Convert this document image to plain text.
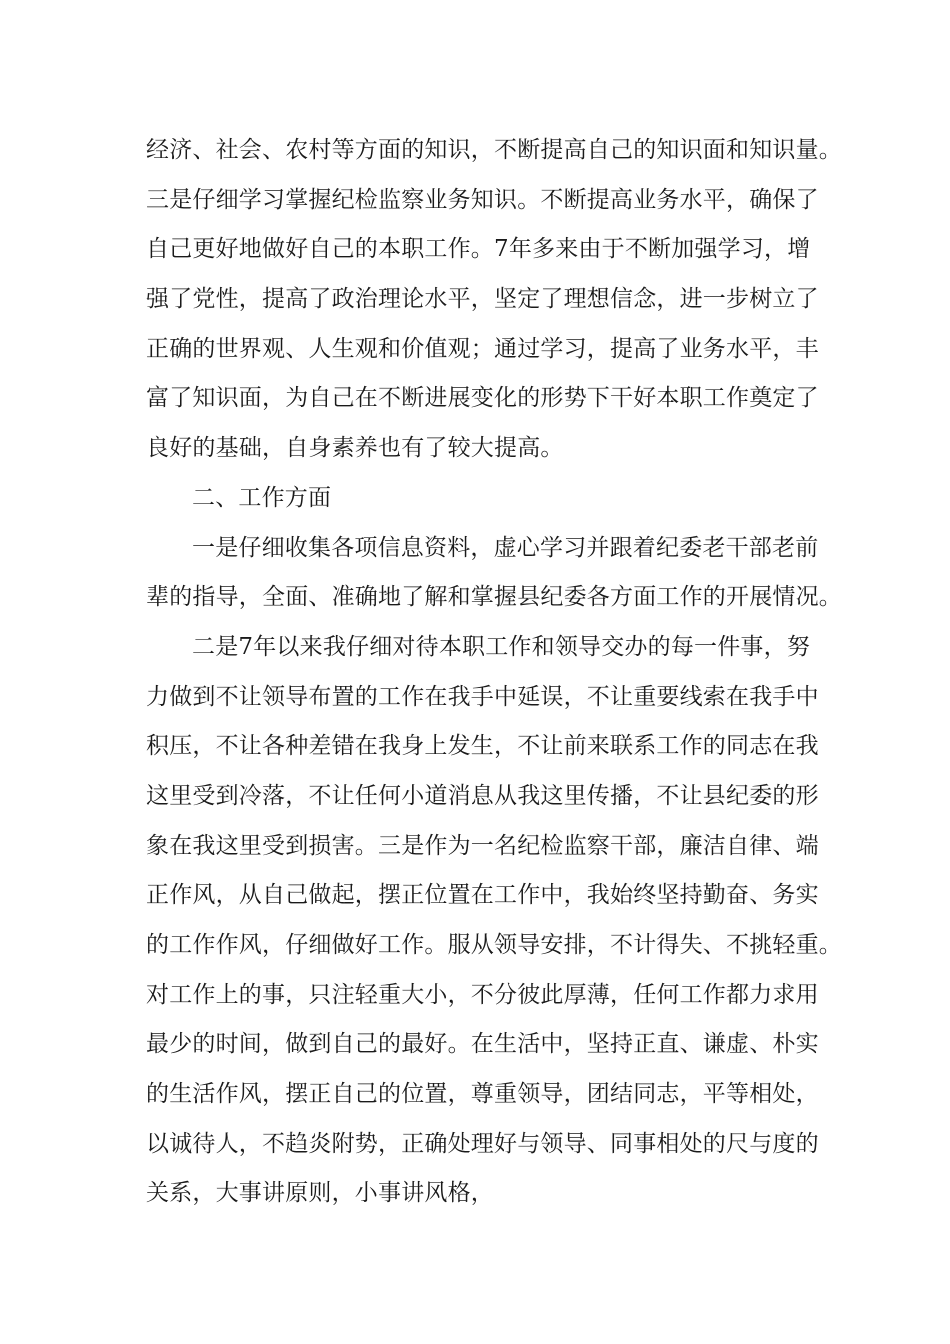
经济、社会、农村等方面的知识，不断提高自己的知识面和知识量。
三是仔细学习掌握纪检监察业务知识。不断提高业务水平，确保了
自己更好地做好自己的本职工作。7年多来由于不断加强学习，增
强了党性，提高了政治理论水平，坚定了理想信念，进一步树立了
正确的世界观、人生观和价值观；通过学习，提高了业务水平，丰
富了知识面，为自己在不断进展变化的形势下干好本职工作奠定了
良好的基础，自身素养也有了较大提高。
二、工作方面
一是仔细收集各项信息资料，虚心学习并跟着纪委老干部老前
辈的指导，全面、准确地了解和掌握县纪委各方面工作的开展情况。
二是7年以来我仔细对待本职工作和领导交办的每一件事，努
力做到不让领导布置的工作在我手中延误，不让重要线索在我手中
积压，不让各种差错在我身上发生，不让前来联系工作的同志在我
这里受到冷落，不让任何小道消息从我这里传播，不让县纪委的形
象在我这里受到损害。三是作为一名纪检监察干部，廉洁自律、端
正作风，从自己做起，摆正位置在工作中，我始终坚持勤奋、务实
的工作作风，仔细做好工作。服从领导安排，不计得失、不挑轻重。
对工作上的事，只注轻重大小，不分彼此厚薄，任何工作都力求用
最少的时间，做到自己的最好。在生活中，坚持正直、谦虚、朴实
的生活作风，摆正自己的位置，尊重领导，团结同志，平等相处，
以诚待人，不趋炎附势，正确处理好与领导、同事相处的尺与度的
关系，大事讲原则，小事讲风格，
